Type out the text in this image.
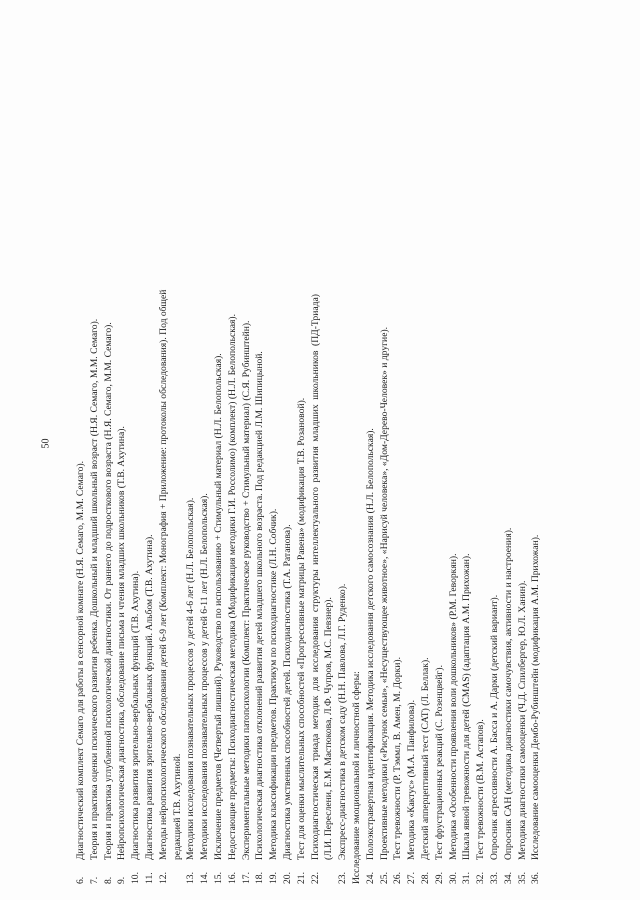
50
6.
Диагностический комплект Семаго для работы в сенсорной комнате (Н.Я. Семаго, М.М. Семаго).
7.
Теория и практика оценки психического развития ребенка. Дошкольный и младший школьный возраст (Н.Я. Семаго, М.М. Семаго).
8.
Теория и практика углубленной психологической диагностики. От раннего до подросткового возраста (Н.Я. Семаго, М.М. Семаго).
9.
Нейропсихологическая диагностика, обследование письма и чтения младших школьников (Т.В. Ахутина).
10.
Диагностика развития зрительно-вербальных функций (Т.В. Ахутина).
11.
Диагностика развития зрительно-вербальных функций. Альбом (Т.В. Ахутина).
12.
Методы нейропсихологического обследования детей 6-9 лет (Комплект: Монография + Приложение: протоколы обследования). Под общей редакцией Т.В. Ахутиной.
13.
Методики исследования познавательных процессов у детей 4-6 лет (Н.Л. Белопольская).
14.
Методики исследования познавательных процессов у детей 6-11 лет (Н.Л. Белопольская).
15.
Исключение предметов (Четвертый лишний). Руководство по использованию + Стимульный материал (Н.Л. Белопольская).
16.
Недостающие предметы: Психодиагностическая методика (Модификация методики Г.И. Россолимо) (комплект) (Н.Л. Белопольская).
17.
Экспериментальные методики патопсихологии (Комплект: Практическое руководство + Стимульный материал) (С.Я. Рубинштейн).
18.
Психологическая диагностика отклонений развития детей младшего школьного возраста. Под редакцией Л.М. Шипицыной.
19.
Методика классификации предметов. Практикум по психодиагностике (Л.Н. Собчик).
20.
Диагностика умственных способностей детей. Психодиагностика (Т.А. Ратанова).
21.
Тест для оценки мыслительных способностей «Прогрессивные матрицы Равена» (модификация Т.В. Розановой).
22.
Психодиагностическая триада методик для исследования структуры интеллектуального развития младших школьников (ПД-Триада) (Л.И. Переслени, Е.М. Мастюкова, Л.Ф. Чупров, М.С. Певзнер).
23.
Экспресс-диагностика в детском саду (Н.Н. Павлова, Л.Г. Руденко). Исследование эмоциональной и личностной сферы: 24.
Полоэкстравертная идентификация. Методика исследования детского самосознания (Н.Л. Белопольская).
25.
Проективные методики («Рисунок семьи», «Несуществующее животное», «Нарисуй человека», «Дом-Дерево-Человек» и другие).
26.
Тест тревожности (Р. Тэммл, В. Амен, М. Дорки).
27.
Методика «Кактус» (М.А. Панфилова).
28.
Детский апперцептивный тест (CAT) (Л. Беллак).
29.
Тест фрустрационных реакций (С. Розенцвейг).
30.
Методика «Особенности проявления воли дошкольников» (Р.М. Геворкян).
31.
Шкала явной тревожности для детей (CMAS) (адаптация А.М. Прихожан).
32.
Тест тревожности (В.М. Астапов).
33.
Опросник агрессивности А. Басса и А. Дарки (детский вариант).
34.
Опросник САН (методика диагностики самочувствия, активности и настроения).
35.
Методика диагностики самооценки (Ч.Д. Спилбергер, Ю.Л. Ханин).
36.
Исследование самооценки Дембо-Рубинштейн (модификация А.М. Прихожан).
